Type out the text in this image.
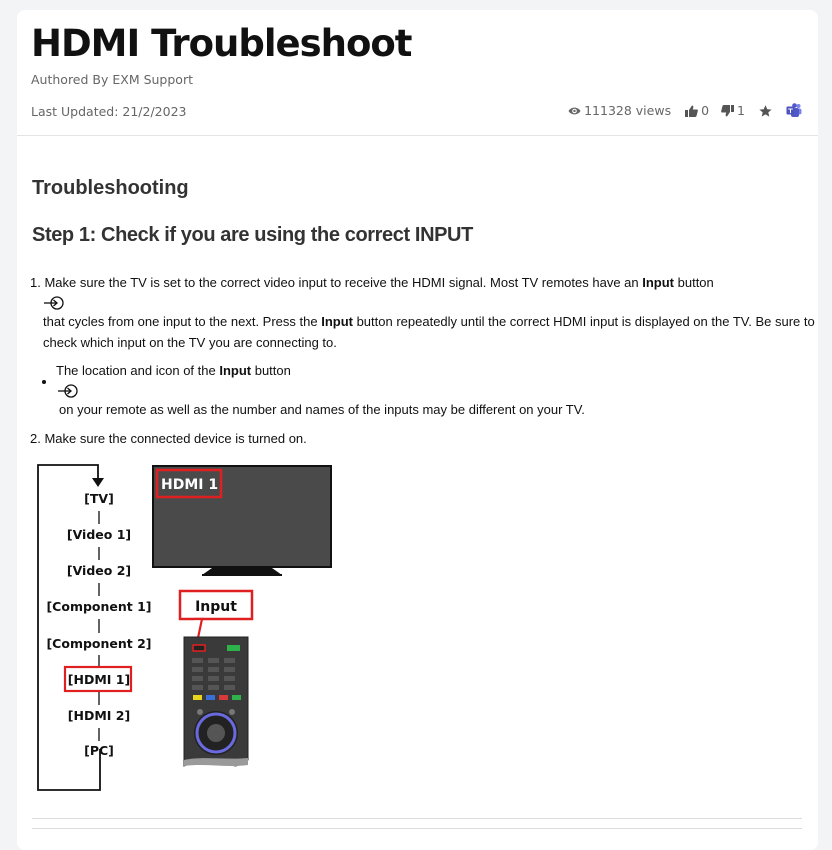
HDMI Troubleshoot
Authored By EXM Support
Last Updated: 21/2/2023	111328 views 0 1
Troubleshooting
Step 1: Check if you are using the correct INPUT
1. Make sure the TV is set to the correct video input to receive the HDMI signal. Most TV remotes have an Input button
that cycles from one input to the next. Press the Input button repeatedly until the correct HDMI input is displayed on the TV. Be sure to
check which input on the TV you are connecting to.
The location and icon of the Input button
on your remote as well as the number and names of the inputs may be different on your TV.
2. Make sure the connected device is turned on.
[TV]
[Video 1]
[Video 2]
[Component 1]
[Component 2]
[HDMI 1]
[HDMI 2]
[PC]
HDMI 1
Input
